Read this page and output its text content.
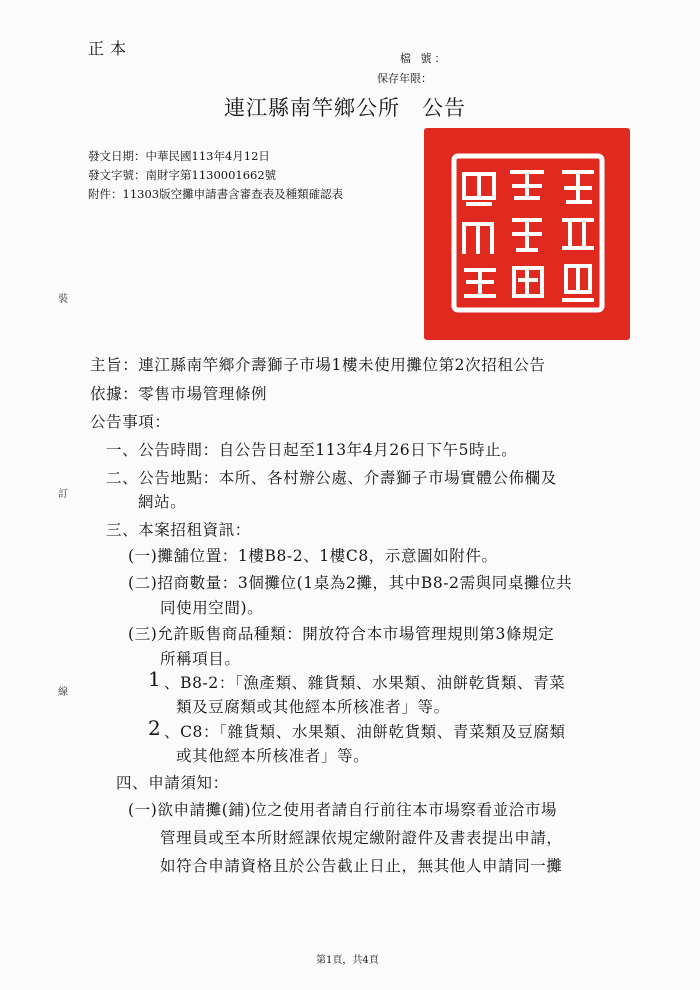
正本
檔 號：
保存年限：
連江縣南竿鄉公所　公告
發文日期：中華民國113年4月12日
發文字號：南財字第1130001662號
附件：11303版空攤申請書含審查表及種類確認表
裝
訂
線
主旨：連江縣南竿鄉介壽獅子市場1樓未使用攤位第2次招租公告
依據：零售市場管理條例
公告事項：
一、公告時間：自公告日起至113年4月26日下午5時止。
二、公告地點：本所、各村辦公處、介壽獅子市場實體公佈欄及
網站。
三、本案招租資訊：
(一)攤舖位置：1樓B8-2、1樓C8，示意圖如附件。
(二)招商數量：3個攤位(1桌為2攤，其中B8-2需與同桌攤位共
同使用空間)。
(三)允許販售商品種類：開放符合本市場管理規則第3條規定
所稱項目。
1 、B8-2：「漁產類、雜貨類、水果類、油餅乾貨類、青菜
類及豆腐類或其他經本所核准者」等。
2 、C8：「雜貨類、水果類、油餅乾貨類、青菜類及豆腐類
或其他經本所核准者」等。
四、申請須知：
(一)欲申請攤(鋪)位之使用者請自行前往本市場察看並洽市場
管理員或至本所財經課依規定繳附證件及書表提出申請，
如符合申請資格且於公告截止日止，無其他人申請同一攤
第1頁，共4頁
